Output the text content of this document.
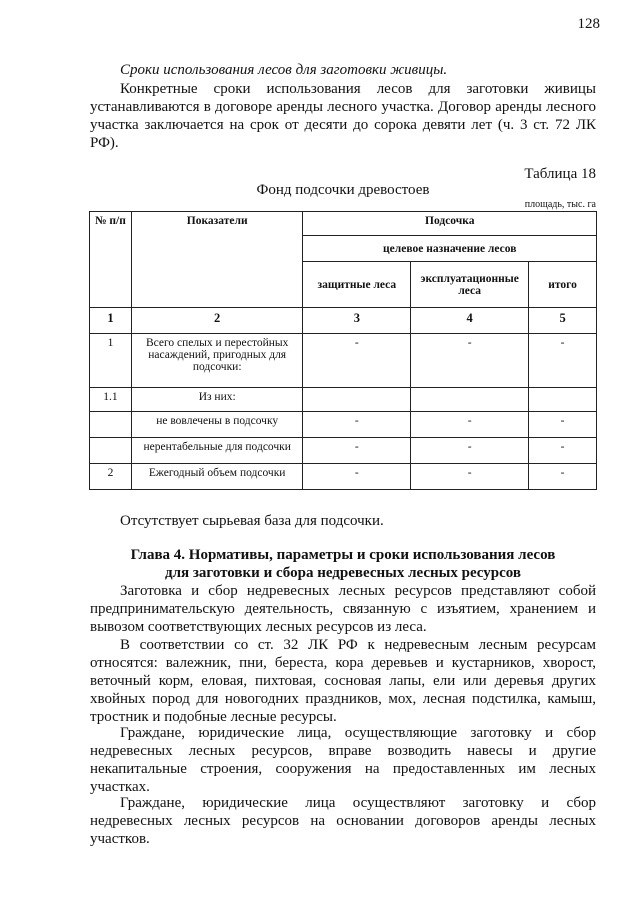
128
Сроки использования лесов для заготовки живицы.

Конкретные сроки использования лесов для заготовки живицы устанавливаются в договоре аренды лесного участка. Договор аренды лесного участка заключается на срок от десяти до сорока девяти лет (ч. 3 ст. 72 ЛК РФ).

Таблица 18
Фонд подсочки древостоев
площадь, тыс. га
№ п/п	Показатели	Подсочка		
		целевое назначение лесов		
		защитные леса	эксплуатационные леса	итого
1	2	3	4	5
1	Всего спелых и перестойных насаждений, пригодных для подсочки:	-	-	-
1.1	Из них:			
	не вовлечены в подсочку	-	-	-
	нерентабельные для подсочки	-	-	-
2	Ежегодный объем подсочки	-	-	-

Отсутствует сырьевая база для подсочки.

Глава 4. Нормативы, параметры и сроки использования лесов
для заготовки и сбора недревесных лесных ресурсов

Заготовка и сбор недревесных лесных ресурсов представляют собой предпринимательскую деятельность, связанную с изъятием, хранением и вывозом соответствующих лесных ресурсов из леса.

В соответствии со ст. 32 ЛК РФ к недревесным лесным ресурсам относятся: валежник, пни, береста, кора деревьев и кустарников, хворост, веточный корм, еловая, пихтовая, сосновая лапы, ели или деревья других хвойных пород для новогодних праздников, мох, лесная подстилка, камыш, тростник и подобные лесные ресурсы.

Граждане, юридические лица, осуществляющие заготовку и сбор недревесных лесных ресурсов, вправе возводить навесы и другие некапитальные строения, сооружения на предоставленных им лесных участках.

Граждане, юридические лица осуществляют заготовку и сбор недревесных лесных ресурсов на основании договоров аренды лесных участков.
